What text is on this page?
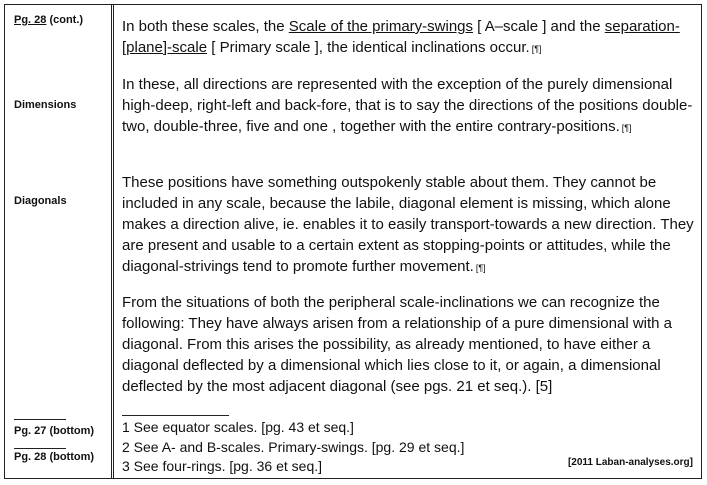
Pg. 28 (cont.)
Dimensions
Diagonals
Pg. 27 (bottom)
Pg. 28 (bottom)

In both these scales, the Scale of the primary-swings [ A–scale ] and the separation-[plane]-scale [ Primary scale ], the identical inclinations occur. [¶]

In these, all directions are represented with the exception of the purely dimensional high-deep, right-left and back-fore, that is to say the directions of the positions double-two, double-three, five and one , together with the entire contrary-positions. [¶]

These positions have something outspokenly stable about them. They cannot be included in any scale, because the labile, diagonal element is missing, which alone makes a direction alive, ie. enables it to easily transport-towards a new direction. They are present and usable to a certain extent as stopping-points or attitudes, while the diagonal-strivings tend to promote further movement. [¶]

From the situations of both the peripheral scale-inclinations we can recognize the following: They have always arisen from a relationship of a pure dimensional with a diagonal. From this arises the possibility, as already mentioned, to have either a diagonal deflected by a dimensional which lies close to it, or again, a dimensional deflected by the most adjacent diagonal (see pgs. 21 et seq.). [5]

1 See equator scales. [pg. 43 et seq.]
2 See A- and B-scales. Primary-swings. [pg. 29 et seq.]
3 See four-rings. [pg. 36 et seq.]	[2011 Laban-analyses.org]
